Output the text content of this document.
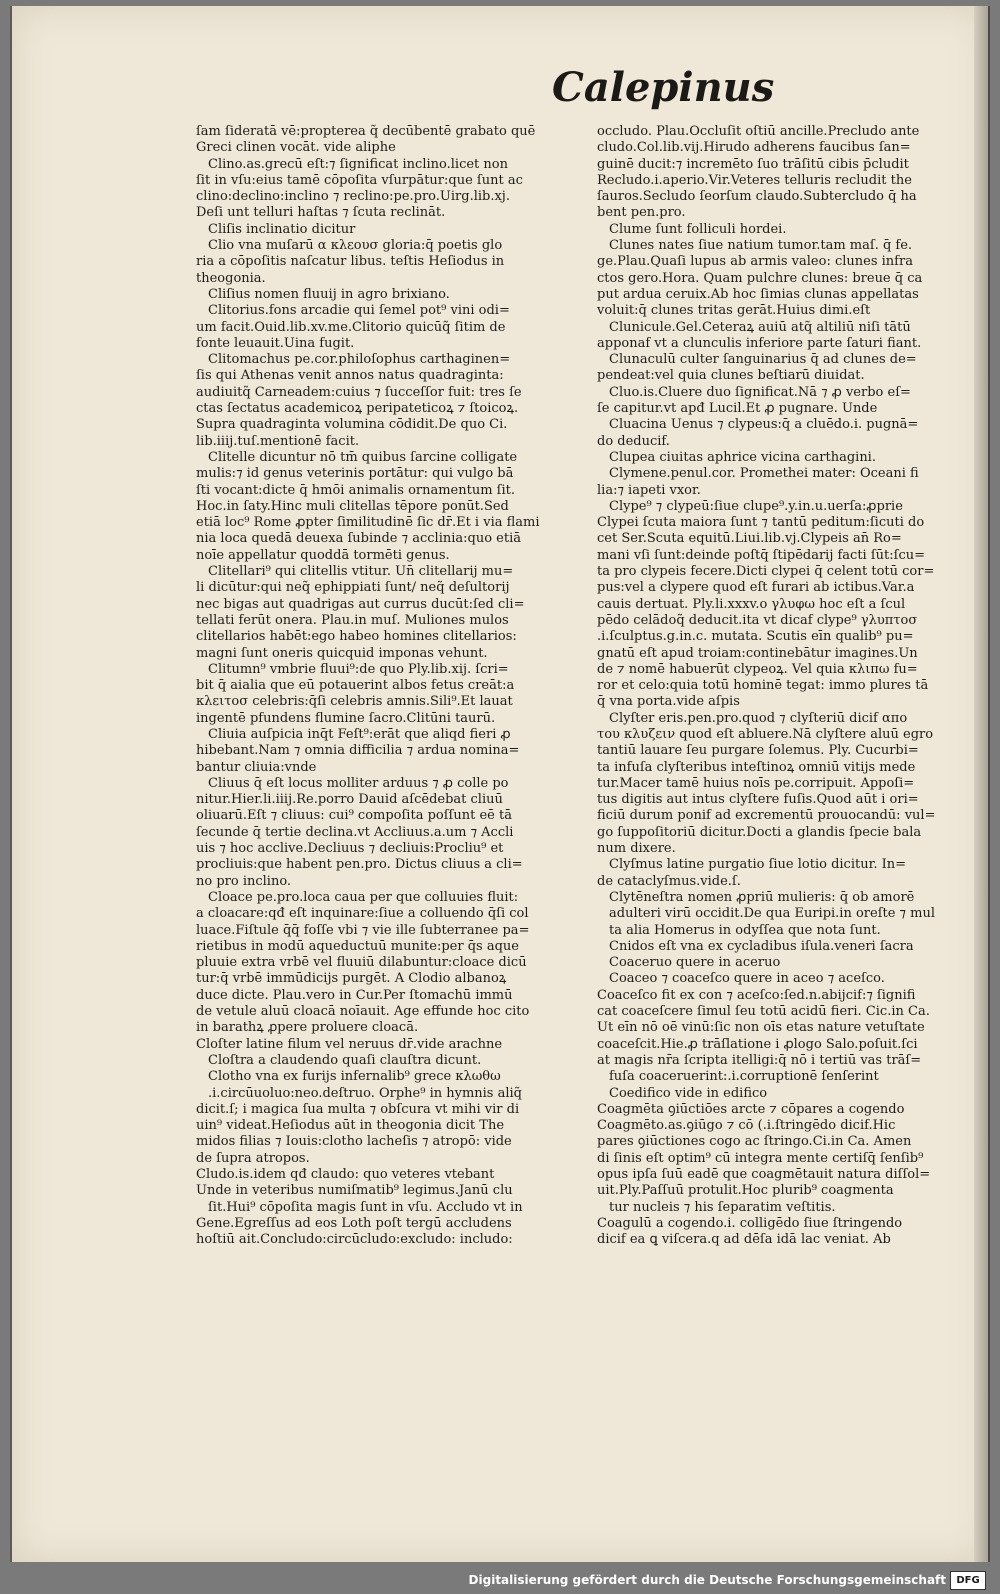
Calepinus
ſam ſideratā vē:propterea q̃ decūbentē grabato quē
Greci clinen vocāt. vide aliphe
Clino.as.grecū eſt:⁊ ſignificat inclino.licet non
ſit in vſu:eius tamē cōpoſita vſurpātur:que ſunt ac
clino:declino:inclino ⁊ reclino:pe.pro.Uirg.lib.xj.
Deſi unt telluri haſtas ⁊ ſcuta reclināt.
Cliſis inclinatio dicitur
Clio vna muſarū α κλεουσ gloria:q̄ poetis glo
ria a cōpoſitis naſcatur libus. teſtis Heſiodus in
theogonia.
Cliſius nomen fluuij in agro brixiano.
Clitorius.fons arcadie qui ſemel pot⁹ vini odi=
um facit.Ouid.lib.xv.me.Clitorio quicūq̃ ſitim de
fonte leuauit.Uina fugit.
Clitomachus pe.cor.philoſophus carthaginen=
ſis qui Athenas venit annos natus quadraginta:
audiuitq̃ Carneadem:cuius ⁊ ſucceſſor fuit: tres ſe
ctas ſectatus academicoꝝ peripateticoꝝ ⁊ ſtoicoꝝ.
Supra quadraginta volumina cōdidit.De quo Ci.
lib.iiij.tuſ.mentionē facit.
Clitelle dicuntur nō tm̄ quibus ſarcine colligate
mulis:⁊ id genus veterinis portātur: qui vulgo bā
ſti vocant:dicte q̄ hmōi animalis ornamentum ſit.
Hoc.in ſaty.Hinc muli clitellas tēpore ponūt.Sed
etiā loc⁹ Rome ꝓpter ſimilitudinē ſic dr̄.Et i via flami
nia loca quedā deuexa ſubinde ⁊ acclinia:quo etiā
noīe appellatur quoddā tormēti genus.
Clitellari⁹ qui clitellis vtitur. Un̄ clitellarij mu=
li dicūtur:qui neq̃ ephippiati ſunt/ neq̃ deſultorij
nec bigas aut quadrigas aut currus ducūt:ſed cli=
tellati ferūt onera. Plau.in muſ. Muliones mulos
clitellarios habēt:ego habeo homines clitellarios:
magni ſunt oneris quicquid imponas vehunt.
Clitumn⁹ vmbrie fluui⁹:de quo Ply.lib.xij. ſcri=
bit q̄ aialia que eū potauerint albos fetus creāt:a
κλειτοσ celebris:q̄ſi celebris amnis.Sili⁹.Et lauat
ingentē pfundens flumine ſacro.Clitūni taurū.
Cliuia auſpicia inq̄t Feſt⁹:erāt que aliqd fieri ꝓ
hibebant.Nam ⁊ omnia difficilia ⁊ ardua nomina=
bantur cliuia:vnde
Cliuus q̄ eſt locus molliter arduus ⁊ ꝓ colle po
nitur.Hier.li.iiij.Re.porro Dauid aſcēdebat cliuū
oliuarū.Eſt ⁊ cliuus: cui⁹ compoſita poſſunt eē tā
ſecunde q̄ tertie declina.vt Accliuus.a.um ⁊ Accli
uis ⁊ hoc acclive.Decliuus ⁊ decliuis:Procliu⁹ et
procliuis:que habent pen.pro. Dictus cliuus a cli=
no pro inclino.
Cloace pe.pro.loca caua per que colluuies fluit:
a cloacare:qđ eſt inquinare:ſiue a colluendo q̄ſi col
luace.Fiſtule q̄q̄ foſſe vbi ⁊ vie ille ſubterranee pa=
rietibus in modū aqueductuū munite:per q̄s aque
pluuie extra vrbē vel fluuiū dilabuntur:cloace dicū
tur:q̄ vrbē immūdicijs purgēt. A Clodio albanoꝝ
duce dicte. Plau.vero in Cur.Per ſtomachū immū
de vetule aluū cloacā noīauit. Age effunde hoc cito
in barathꝝ ꝓpere proluere cloacā.
Cloſter latine filum vel neruus dr̄.vide arachne
Cloſtra a claudendo quaſi clauſtra dicunt.
Clotho vna ex furijs infernalib⁹ grece κλωθω
.i.circūuoluo:neo.deſtruo. Orphe⁹ in hymnis aliq̃
dicit.ſ; i magica ſua multa ⁊ obſcura vt mihi vir di
uin⁹ videat.Heſiodus aūt in theogonia dicit The
midos filias ⁊ Iouis:clotho lacheſis ⁊ atropō: vide
de ſupra atropos.
Cludo.is.idem qđ claudo: quo veteres vtebant
Unde in veteribus numiſmatib⁹ legimus.Janū clu
ſit.Hui⁹ cōpoſita magis ſunt in vſu. Accludo vt in
Gene.Egreſſus ad eos Loth poſt tergū accludens
hoſtiū ait.Concludo:circūcludo:excludo: includo:
occludo. Plau.Occluſit oſtiū ancille.Precludo ante
cludo.Col.lib.vij.Hirudo adherens faucibus ſan=
guinē ducit:⁊ incremēto ſuo trāſitū cibis p̄cludit
Recludo.i.aperio.Vir.Veteres telluris recludit the
ſauros.Secludo ſeorſum claudo.Subtercludo q̄ ha
bent pen.pro.
Clume ſunt folliculi hordei.
Clunes nates ſiue natium tumor.tam maſ. q̄ fe.
ge.Plau.Quaſi lupus ab armis valeo: clunes infra
ctos gero.Hora. Quam pulchre clunes: breue q̄ ca
put ardua ceruix.Ab hoc ſimias clunas appellatas
voluit:q̄ clunes tritas gerāt.Huius dimi.eſt
Clunicule.Gel.Ceteraꝝ auiū atq̃ altiliū niſi tātū
apponaf vt a clunculis inferiore parte ſaturi fiant.
Clunaculū culter ſanguinarius q̄ ad clunes de=
pendeat:vel quia clunes beſtiarū diuidat.
Cluo.is.Cluere duo ſignificat.Nā ⁊ ꝓ verbo eſ=
ſe capitur.vt apđ Lucil.Et ꝓ pugnare. Unde
Cluacina Uenus ⁊ clypeus:q̄ a cluēdo.i. pugnā=
do deducif.
Clupea ciuitas aphrice vicina carthagini.
Clymene.penul.cor. Promethei mater: Oceani fi
lia:⁊ iapeti vxor.
Clype⁹ ⁊ clypeū:ſiue clupe⁹.y.in.u.uerſa:ꝓprie
Clypei ſcuta maiora ſunt ⁊ tantū peditum:ſicuti do
cet Ser.Scuta equitū.Liui.lib.vj.Clypeis an̄ Ro=
mani vſi ſunt:deinde poſtq̄ ſtipēdarij facti ſūt:ſcu=
ta pro clypeis fecere.Dicti clypei q̄ celent totū cor=
pus:vel a clypere quod eſt furari ab ictibus.Var.a
cauis dertuat. Ply.li.xxxv.o γλυφω hoc eſt a ſcul
pēdo celādoq̃ deducit.ita vt dicaf clype⁹ γλυπτοσ
.i.ſculptus.g.in.c. mutata. Scutis eīn qualib⁹ pu=
gnatū eſt apud troiam:continebātur imagines.Un
de ⁊ nomē habuerūt clypeoꝝ. Vel quia κλιπω fu=
ror et celo:quia totū hominē tegat: immo plures tā
q̄ vna porta.vide aſpis
Clyſter eris.pen.pro.quod ⁊ clyſteriū dicif απο
του κλυζειν quod eſt abluere.Nā clyſtere aluū egro
tantiū lauare ſeu purgare ſolemus. Ply. Cucurbi=
ta infuſa clyſteribus inteſtinoꝝ omniū vitijs mede
tur.Macer tamē huius noīs pe.corripuit. Appoſi=
tus digitis aut intus clyſtere fuſis.Quod aūt i ori=
ficiū durum ponif ad excrementū prouocandū: vul=
go ſuppoſitoriū dicitur.Docti a glandis ſpecie bala
num dixere.
Clyſmus latine purgatio ſiue lotio dicitur. In=
de cataclyſmus.vide.ſ.
Clytēneſtra nomen ꝓpriū mulieris: q̄ ob amorē
adulteri virū occidit.De qua Euripi.in oreſte ⁊ mul
ta alia Homerus in odyſſea que nota ſunt.
Cnidos eſt vna ex cycladibus iſula.veneri ſacra
Coaceruo quere in aceruo
Coaceo ⁊ coaceſco quere in aceo ⁊ aceſco.
Coaceſco fit ex con ⁊ aceſco:ſed.n.abijcif:⁊ ſignifi
cat coaceſcere ſimul ſeu totū acidū fieri. Cic.in Ca.
Ut eīn nō oē vinū:ſic non oīs etas nature vetuſtate
coaceſcit.Hie.ꝓ trāſlatione i ꝓlogo Salo.poſuit.ſci
at magis nr̄a ſcripta itelligi:q̄ nō i tertiū vas trāſ=
fuſa coaceruerint:.i.corruptionē ſenſerint
Coedifico vide in edifico
Coagmēta ꝯiūctiōes arcte ⁊ cōpares a cogendo
Coagmēto.as.ꝯiūgo ⁊ cō (.i.ſtringēdo dicif.Hic
pares ꝯiūctiones cogo ac ſtringo.Ci.in Ca. Amen
di ſinis eſt optim⁹ cū integra mente certiſq̄ ſenſib⁹
opus ipſa ſuū eadē que coagmētauit natura diſſol=
uit.Ply.Paſſuū protulit.Hoc plurib⁹ coagmenta
tur nucleis ⁊ his ſeparatim veſtitis.
Coagulū a cogendo.i. colligēdo ſiue ſtringendo
dicif ea ꝗ viſcera.q ad dēſa idā lac veniat. Ab
Digitalisierung gefördert durch die Deutsche Forschungsgemeinschaft	DFG
